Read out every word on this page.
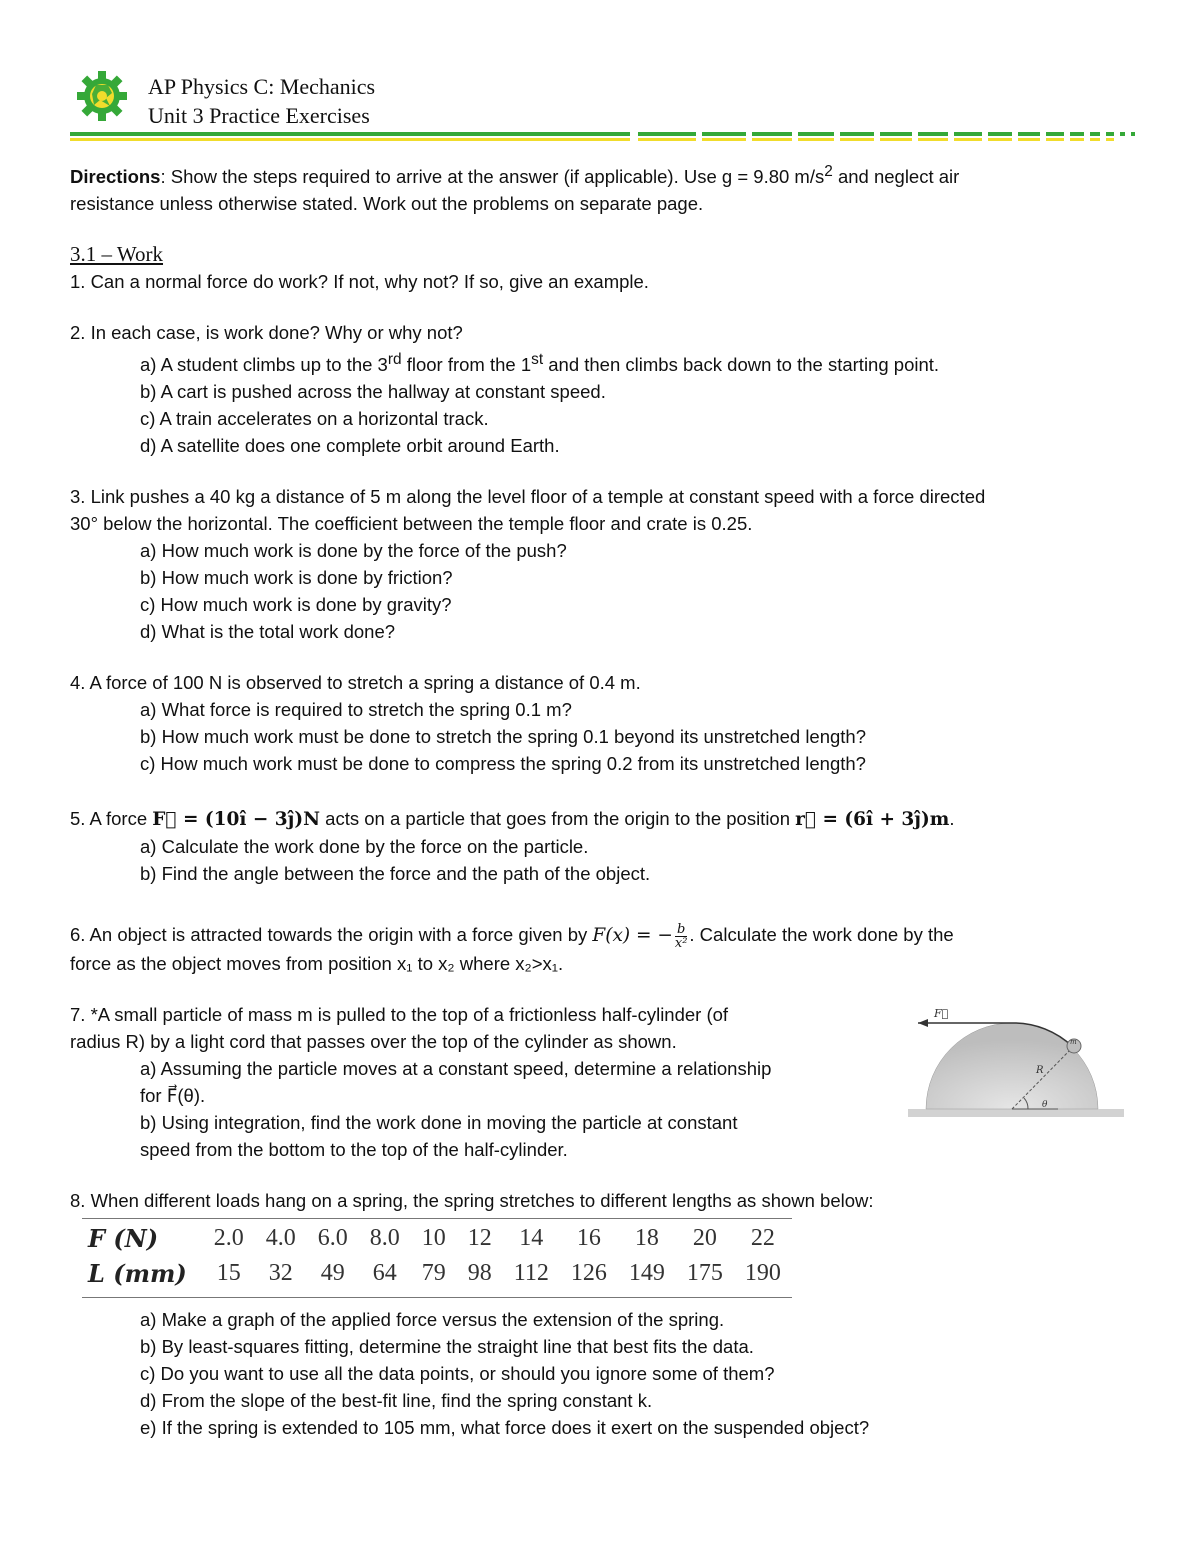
AP Physics C: Mechanics
Unit 3 Practice Exercises

Directions: Show the steps required to arrive at the answer (if applicable). Use g = 9.80 $m/s^2$ and neglect air

resistance unless otherwise stated. Work out the problems on separate page.

3.1 – Work

1. Can a normal force do work? If not, why not? If so, give an example.

2. In each case, is work done? Why or why not?

a) A student climbs up to the 3rd floor from the 1st and then climbs back down to the starting point.

b) A cart is pushed across the hallway at constant speed.

c) A train accelerates on a horizontal track.

d) A satellite does one complete orbit around Earth.

3. Link pushes a 40 kg a distance of 5 m along the level floor of a temple at constant speed with a force directed

30° below the horizontal. The coefficient between the temple floor and crate is 0.25.

a) How much work is done by the force of the push?

b) How much work is done by friction?

c) How much work is done by gravity?

d) What is the total work done?

4. A force of 100 N is observed to stretch a spring a distance of 0.4 m.

a) What force is required to stretch the spring 0.1 m?

b) How much work must be done to stretch the spring 0.1 beyond its unstretched length?

c) How much work must be done to compress the spring 0.2 from its unstretched length?

5. A force F⃗ = (10î − 3ĵ)N acts on a particle that goes from the origin to the position r⃗ = (6î + 3ĵ)m.

a) Calculate the work done by the force on the particle.

b) Find the angle between the force and the path of the object.

6. An object is attracted towards the origin with a force given by F(x) = − $\frac{b}{\text{x²}}$ . Calculate the work done by the

force as the object moves from position x₁ to x₂ where x₂>x₁.

7. *A small particle of mass m is pulled to the top of a frictionless half-cylinder (of

radius R) by a light cord that passes over the top of the cylinder as shown.

a) Assuming the particle moves at a constant speed, determine a relationship

for F⃗(θ).

b) Using integration, find the work done in moving the particle at constant

speed from the bottom to the top of the half-cylinder.

F⃗
m
R
θ

8. When different loads hang on a spring, the spring stretches to different lengths as shown below:

F (N)	2.0	4.0	6.0	8.0	10	12	14	16	18	20	22
L (mm)	15	32	49	64	79	98	112	126	149	175	190

a) Make a graph of the applied force versus the extension of the spring.

b) By least-squares fitting, determine the straight line that best fits the data.

c) Do you want to use all the data points, or should you ignore some of them?

d) From the slope of the best-fit line, find the spring constant k.

e) If the spring is extended to 105 mm, what force does it exert on the suspended object?
